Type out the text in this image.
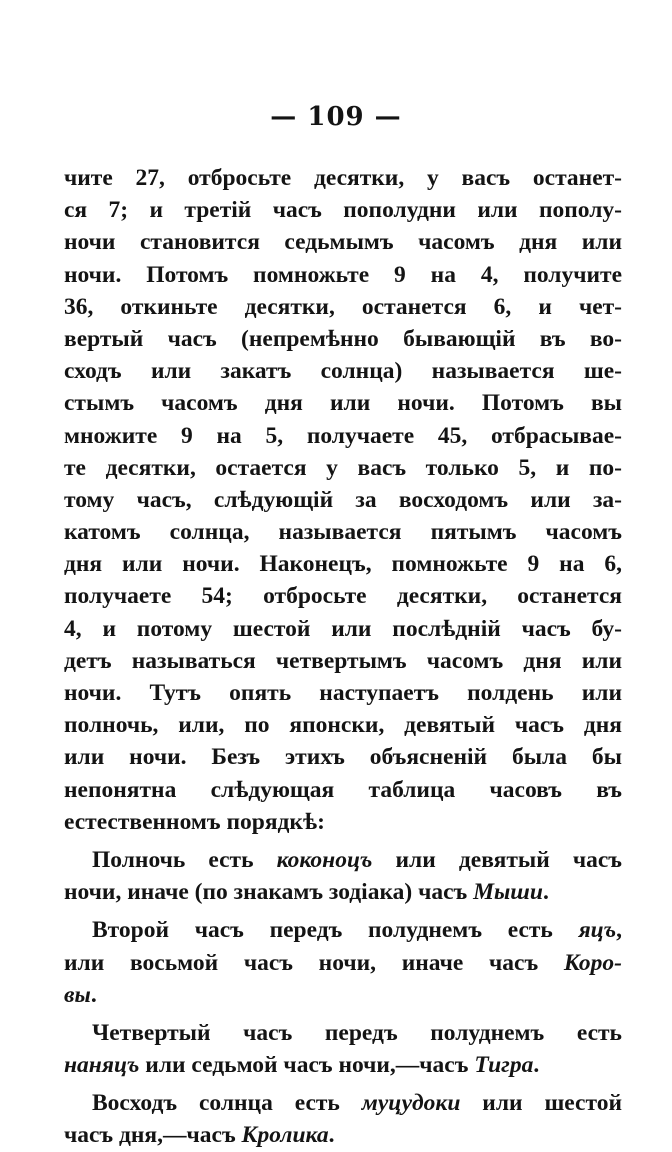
— 109 —
чите 27, отбросьте десятки, у васъ останет-
ся 7; и третій часъ пополудни или пополу-
ночи становится седьмымъ часомъ дня или
ночи. Потомъ помножьте 9 на 4, получите
36, откиньте десятки, останется 6, и чет-
вертый часъ (непремѣнно бывающій въ во-
сходъ или закатъ солнца) называется ше-
стымъ часомъ дня или ночи. Потомъ вы
множите 9 на 5, получаете 45, отбрасывае-
те десятки, остается у васъ только 5, и по-
тому часъ, слѣдующій за восходомъ или за-
катомъ солнца, называется пятымъ часомъ
дня или ночи. Наконецъ, помножьте 9 на 6,
получаете 54; отбросьте десятки, останется
4, и потому шестой или послѣдній часъ бу-
детъ называться четвертымъ часомъ дня или
ночи. Тутъ опять наступаетъ полдень или
полночь, или, по японски, девятый часъ дня
или ночи. Безъ этихъ объясненій была бы
непонятна слѣдующая таблица часовъ въ
естественномъ порядкѣ:
Полночь есть коконоцъ или девятый часъ
ночи, иначе (по знакамъ зодіака) часъ Мыши.
Второй часъ передъ полуднемъ есть яцъ,
или восьмой часъ ночи, иначе часъ Коро-
вы.
Четвертый часъ передъ полуднемъ есть
наняцъ или седьмой часъ ночи,—часъ Тигра.
Восходъ солнца есть муцудоки или шестой
часъ дня,—часъ Кролика.
